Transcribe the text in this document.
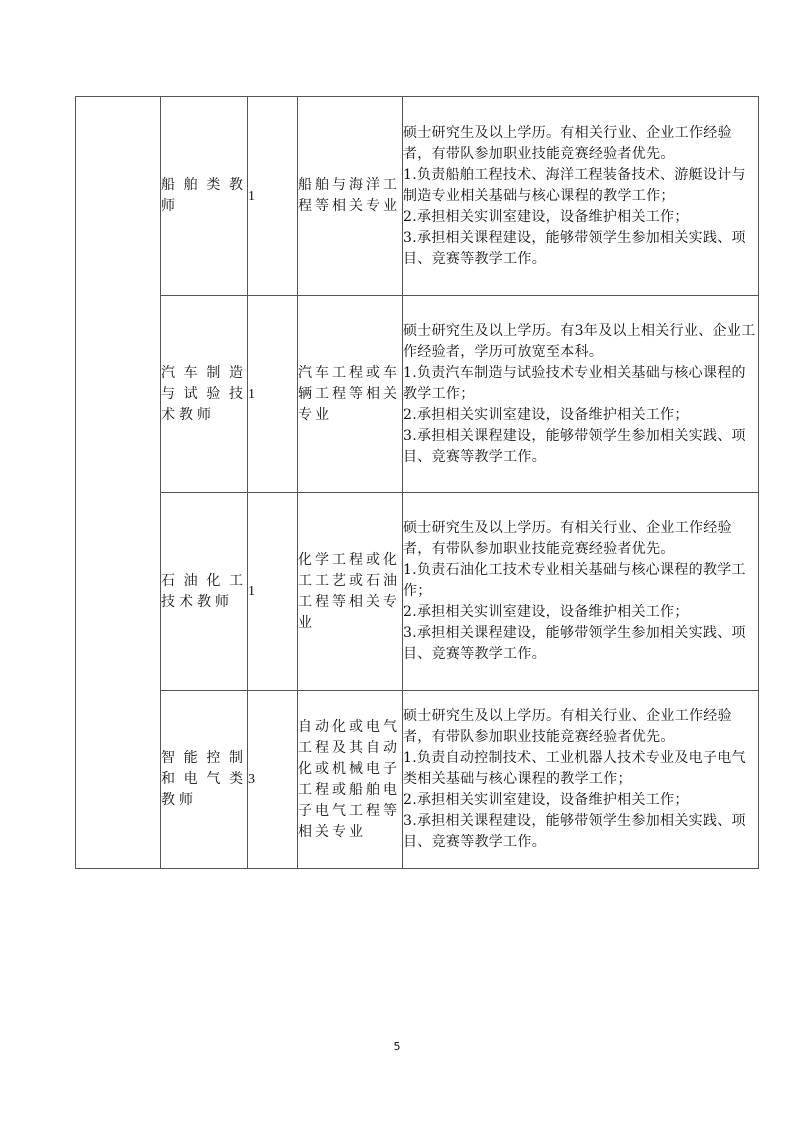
	船舶类教师	1	船舶与海洋工程等相关专业	硕士研究生及以上学历。有相关行业、企业工作经验者，有带队参加职业技能竞赛经验者优先。
1.负责船舶工程技术、海洋工程装备技术、游艇设计与制造专业相关基础与核心课程的教学工作；
2.承担相关实训室建设，设备维护相关工作；
3.承担相关课程建设，能够带领学生参加相关实践、项目、竞赛等教学工作。

	汽车制造与试验技术教师	1	汽车工程或车辆工程等相关专业	硕士研究生及以上学历。有3年及以上相关行业、企业工作经验者，学历可放宽至本科。
1.负责汽车制造与试验技术专业相关基础与核心课程的教学工作；
2.承担相关实训室建设，设备维护相关工作；
3.承担相关课程建设，能够带领学生参加相关实践、项目、竞赛等教学工作。

	石油化工技术教师	1	化学工程或化工工艺或石油工程等相关专业	硕士研究生及以上学历。有相关行业、企业工作经验者，有带队参加职业技能竞赛经验者优先。
1.负责石油化工技术专业相关基础与核心课程的教学工作；
2.承担相关实训室建设，设备维护相关工作；
3.承担相关课程建设，能够带领学生参加相关实践、项目、竞赛等教学工作。

	智能控制和电气类教师	3	自动化或电气工程及其自动化或机械电子工程或船舶电子电气工程等相关专业	硕士研究生及以上学历。有相关行业、企业工作经验者，有带队参加职业技能竞赛经验者优先。
1.负责自动控制技术、工业机器人技术专业及电子电气类相关基础与核心课程的教学工作；
2.承担相关实训室建设，设备维护相关工作；
3.承担相关课程建设，能够带领学生参加相关实践、项目、竞赛等教学工作。
5
